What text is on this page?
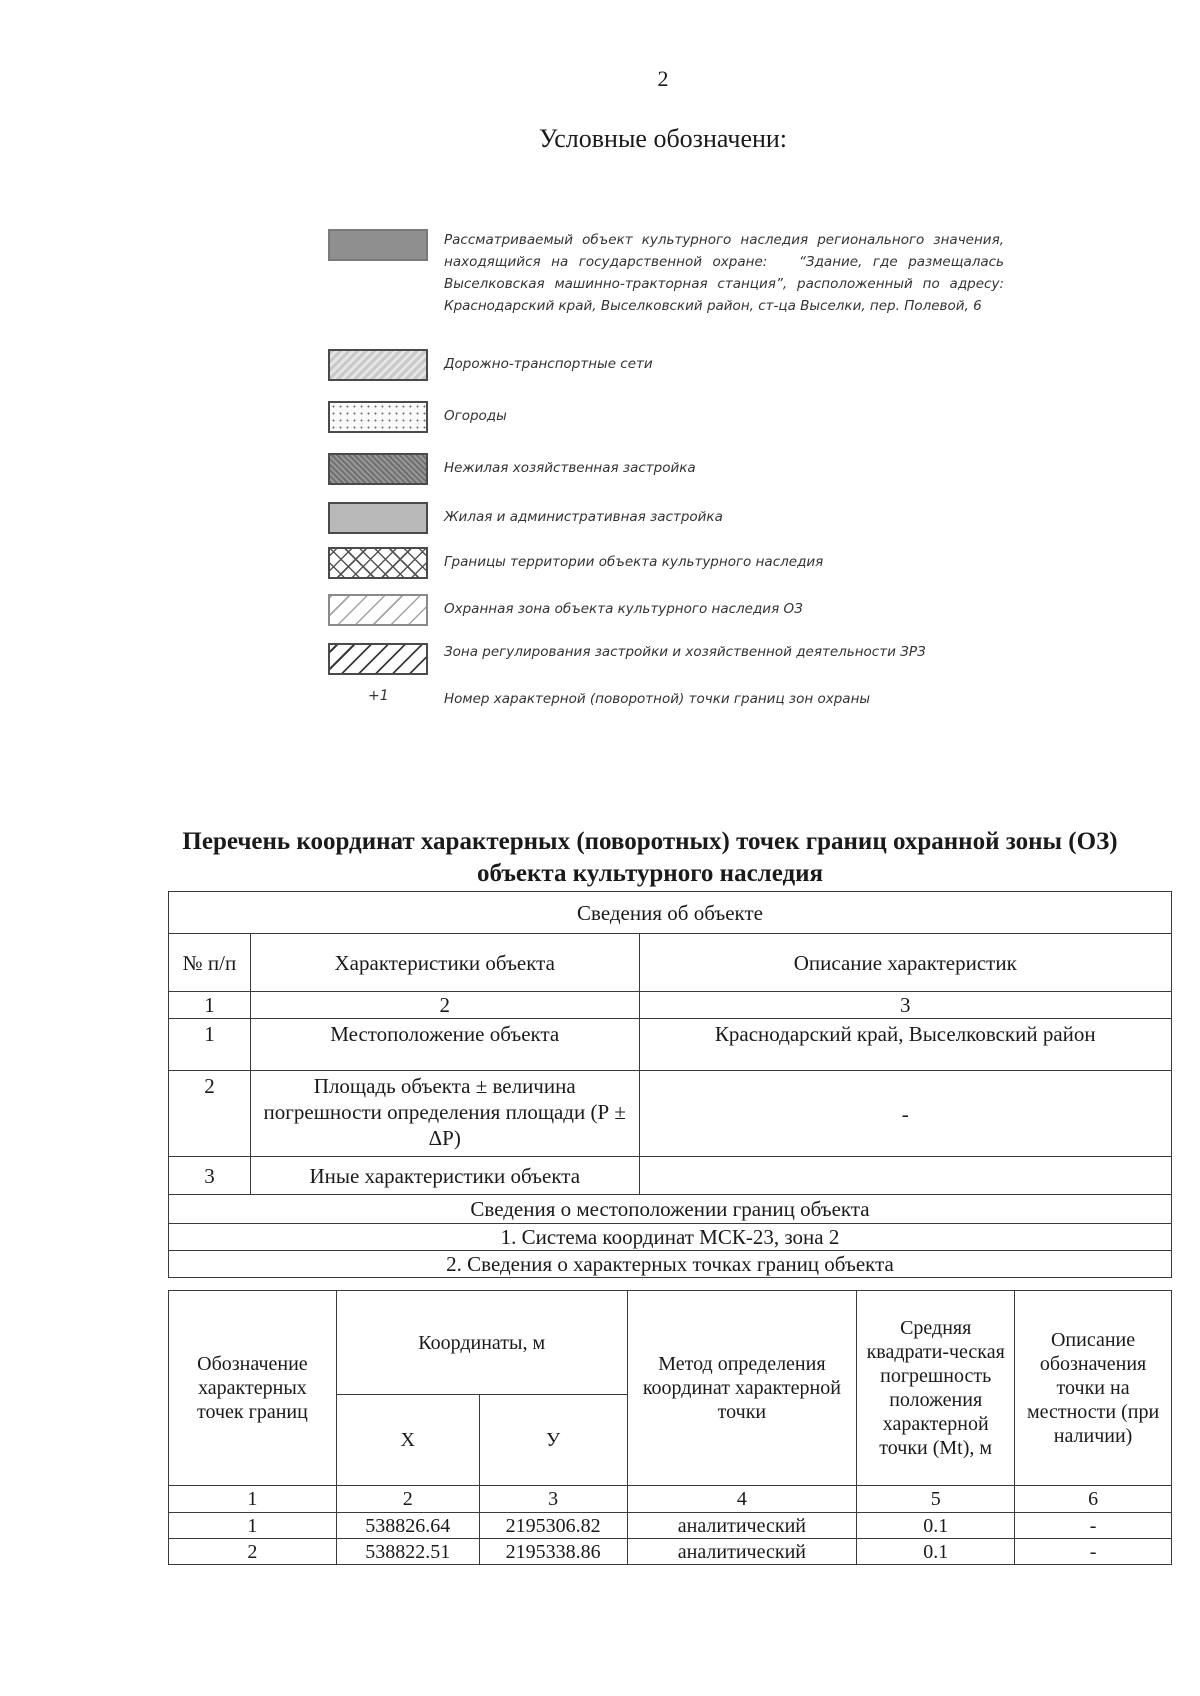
2
Условные обозначени:
Рассматриваемый объект культурного наследия регионального значения, находящийся на государственной охране:   “Здание, где размещалась Выселковская машинно-тракторная станция”, расположенный по адресу: Краснодарский край, Выселковский район, ст-ца Выселки, пер. Полевой, 6
Дорожно-транспортные сети
Огороды
Нежилая хозяйственная застройка
Жилая и административная застройка
Границы территории объекта культурного наследия
Охранная зона объекта культурного наследия ОЗ
Зона регулирования застройки и хозяйственной деятельности ЗРЗ
+1	Номер характерной (поворотной) точки границ зон охраны
Перечень координат характерных (поворотных) точек границ охранной зоны (ОЗ) объекта культурного наследия
Сведения об объекте		
№ п/п	Характеристики объекта	Описание характеристик
1	2	3
1	Местоположение объекта	Краснодарский край, Выселковский район
2	Площадь объекта ± величина погрешности определения площади (Р ± ΔР)	-
3	Иные характеристики объекта	
Сведения о местоположении границ объекта		
1. Система координат МСК-23, зона 2		
2. Сведения о характерных точках границ объекта		
Обозначение характерных точек границ	Координаты, м		Метод определения координат характерной точки	Средняя квадрати-ческая погрешность положения характерной точки (Mt), м	Описание обозначения точки на местности (при наличии)
	Х	У			
1	2	3	4	5	6
1	538826.64	2195306.82	аналитический	0.1	-
2	538822.51	2195338.86	аналитический	0.1	-
